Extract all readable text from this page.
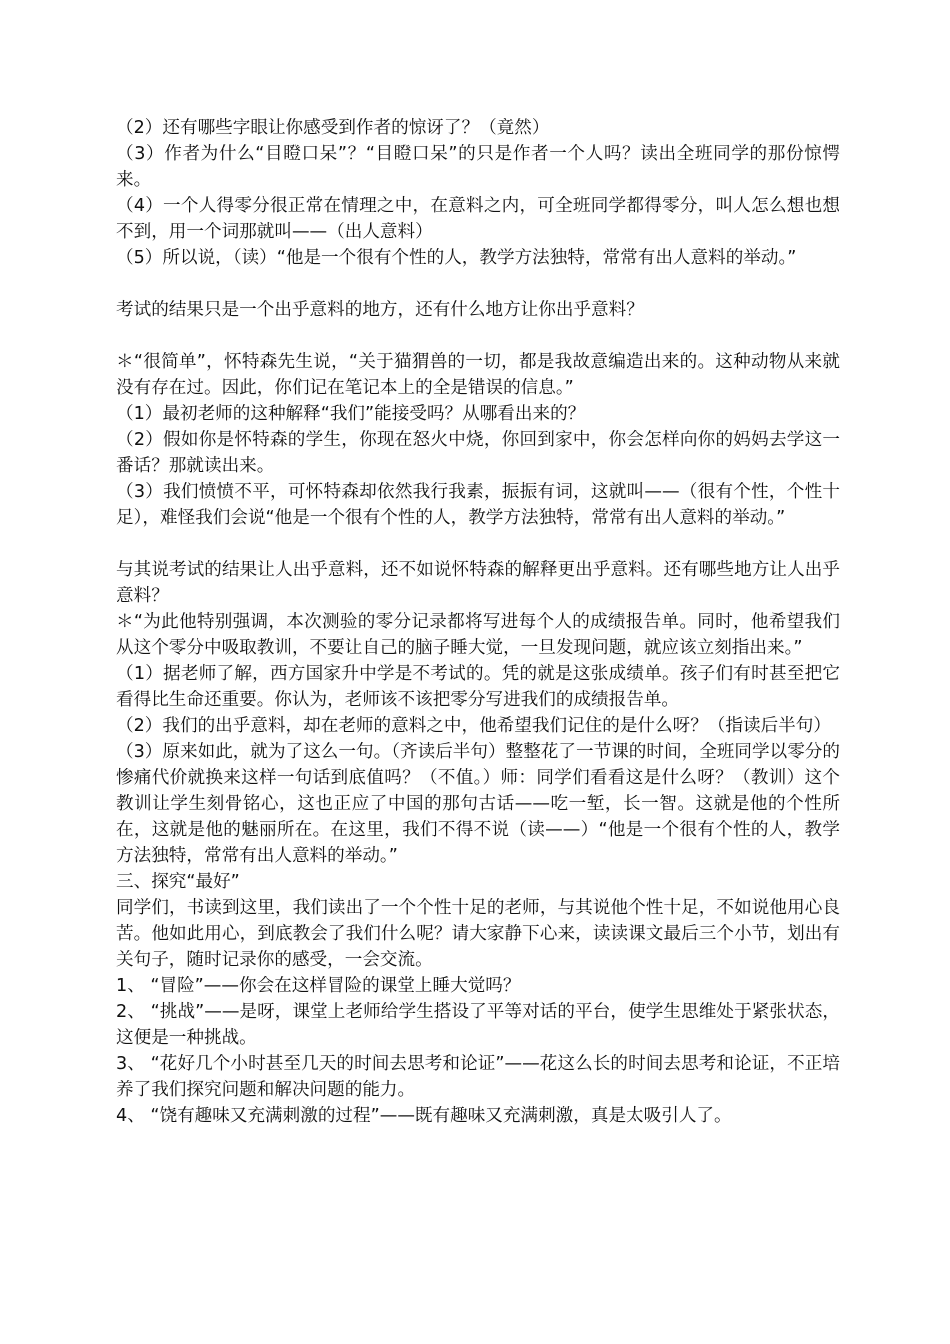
（2）还有哪些字眼让你感受到作者的惊讶了？（竟然）

（3）作者为什么“目瞪口呆”？“目瞪口呆”的只是作者一个人吗？读出全班同学的那份惊愕来。

（4）一个人得零分很正常在情理之中，在意料之内，可全班同学都得零分，叫人怎么想也想不到，用一个词那就叫——（出人意料）

（5）所以说，（读）“他是一个很有个性的人，教学方法独特，常常有出人意料的举动。”

考试的结果只是一个出乎意料的地方，还有什么地方让你出乎意料？

＊“很简单”，怀特森先生说，“关于猫猬兽的一切，都是我故意编造出来的。这种动物从来就没有存在过。因此，你们记在笔记本上的全是错误的信息。”

（1）最初老师的这种解释“我们”能接受吗？从哪看出来的？

（2）假如你是怀特森的学生，你现在怒火中烧，你回到家中，你会怎样向你的妈妈去学这一番话？那就读出来。

（3）我们愤愤不平，可怀特森却依然我行我素，振振有词，这就叫——（很有个性，个性十足），难怪我们会说“他是一个很有个性的人，教学方法独特，常常有出人意料的举动。”

与其说考试的结果让人出乎意料，还不如说怀特森的解释更出乎意料。还有哪些地方让人出乎意料？

＊“为此他特别强调，本次测验的零分记录都将写进每个人的成绩报告单。同时，他希望我们从这个零分中吸取教训，不要让自己的脑子睡大觉，一旦发现问题，就应该立刻指出来。”

（1）据老师了解，西方国家升中学是不考试的。凭的就是这张成绩单。孩子们有时甚至把它看得比生命还重要。你认为，老师该不该把零分写进我们的成绩报告单。

（2）我们的出乎意料，却在老师的意料之中，他希望我们记住的是什么呀？（指读后半句）

（3）原来如此，就为了这么一句。（齐读后半句）整整花了一节课的时间，全班同学以零分的惨痛代价就换来这样一句话到底值吗？（不值。）师：同学们看看这是什么呀？（教训）这个教训让学生刻骨铭心，这也正应了中国的那句古话——吃一堑，长一智。这就是他的个性所在，这就是他的魅丽所在。在这里，我们不得不说（读——）“他是一个很有个性的人，教学方法独特，常常有出人意料的举动。”

三、探究“最好”

同学们，书读到这里，我们读出了一个个性十足的老师，与其说他个性十足，不如说他用心良苦。他如此用心，到底教会了我们什么呢？请大家静下心来，读读课文最后三个小节，划出有关句子，随时记录你的感受，一会交流。

1、 “冒险”——你会在这样冒险的课堂上睡大觉吗？

2、 “挑战”——是呀，课堂上老师给学生搭设了平等对话的平台，使学生思维处于紧张状态，这便是一种挑战。

3、 “花好几个小时甚至几天的时间去思考和论证”——花这么长的时间去思考和论证，不正培养了我们探究问题和解决问题的能力。

4、 “饶有趣味又充满刺激的过程”——既有趣味又充满刺激，真是太吸引人了。
